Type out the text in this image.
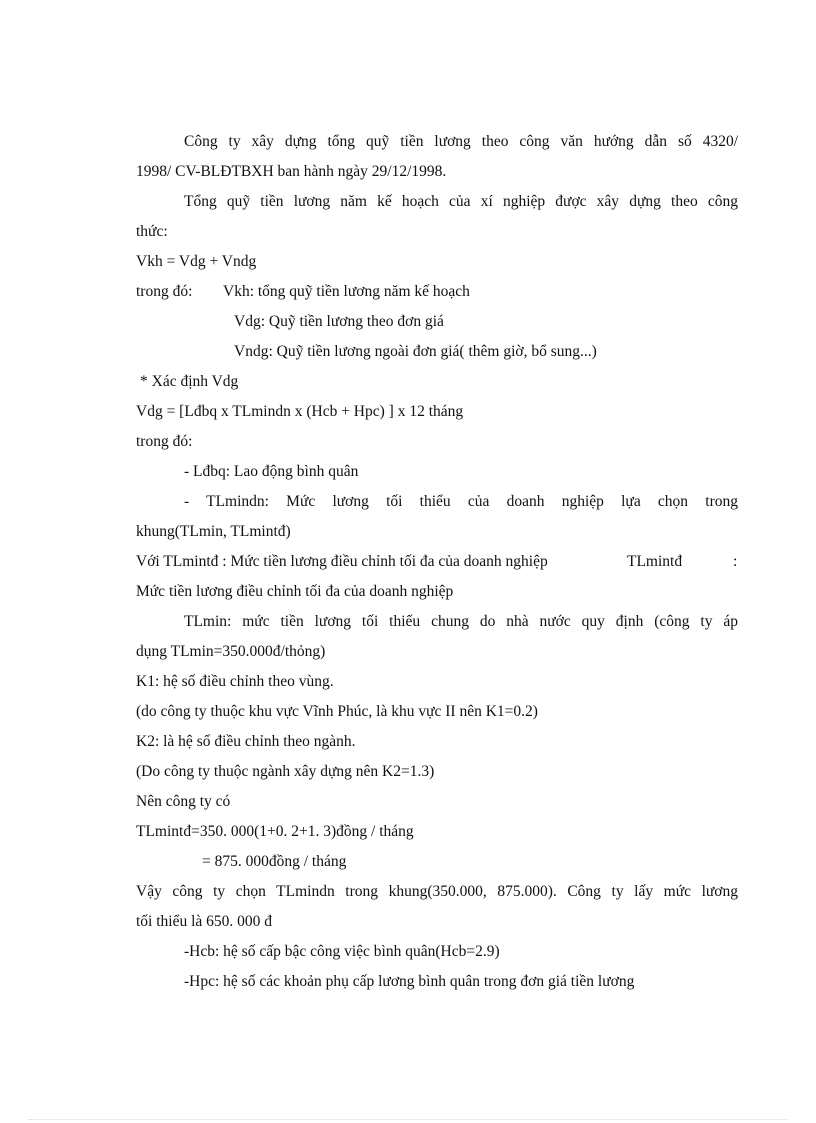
Công ty xây dựng tổng quỹ tiền lương theo công văn hướng dẫn số 4320/
1998/ CV-BLĐTBXH ban hành ngày 29/12/1998.
Tổng quỹ tiền lương năm kế hoạch của xí nghiệp được xây dựng theo công
thức:
Vkh = Vdg + Vndg
trong đó: Vkh: tổng quỹ tiền lương năm kế hoạch
Vdg: Quỹ tiền lương theo đơn giá
Vndg: Quỹ tiền lương ngoài đơn giá( thêm giờ, bổ sung...)
* Xác định Vdg
Vdg = [Lđbq x TLmindn x (Hcb + Hpc) ] x 12 tháng
trong đó:
- Lđbq: Lao động bình quân
- TLmindn: Mức lương tối thiểu của doanh nghiệp lựa chọn trong
khung(TLmin, TLmintđ)
Với TLmintđ : Mức tiền lương điều chỉnh tối đa của doanh nghiệp	TLmintđ	:
Mức tiền lương điều chỉnh tối đa của doanh nghiệp
TLmin: mức tiền lương tối thiểu chung do nhà nước quy định (công ty áp
dụng TLmin=350.000đ/thỏng)
K1: hệ số điều chỉnh theo vùng.
(do công ty thuộc khu vực Vĩnh Phúc, là khu vực II nên K1=0.2)
K2: là hệ số điều chỉnh theo ngành.
(Do công ty thuộc ngành xây dựng nên K2=1.3)
Nên công ty có
TLmintđ=350. 000(1+0. 2+1. 3)đồng / tháng
= 875. 000đồng / tháng
Vậy công ty chọn TLmindn trong khung(350.000, 875.000). Công ty lấy mức lương
tối thiểu là 650. 000 đ
-Hcb: hệ số cấp bậc công việc bình quân(Hcb=2.9)
-Hpc: hệ số các khoản phụ cấp lương bình quân trong đơn giá tiền lương
